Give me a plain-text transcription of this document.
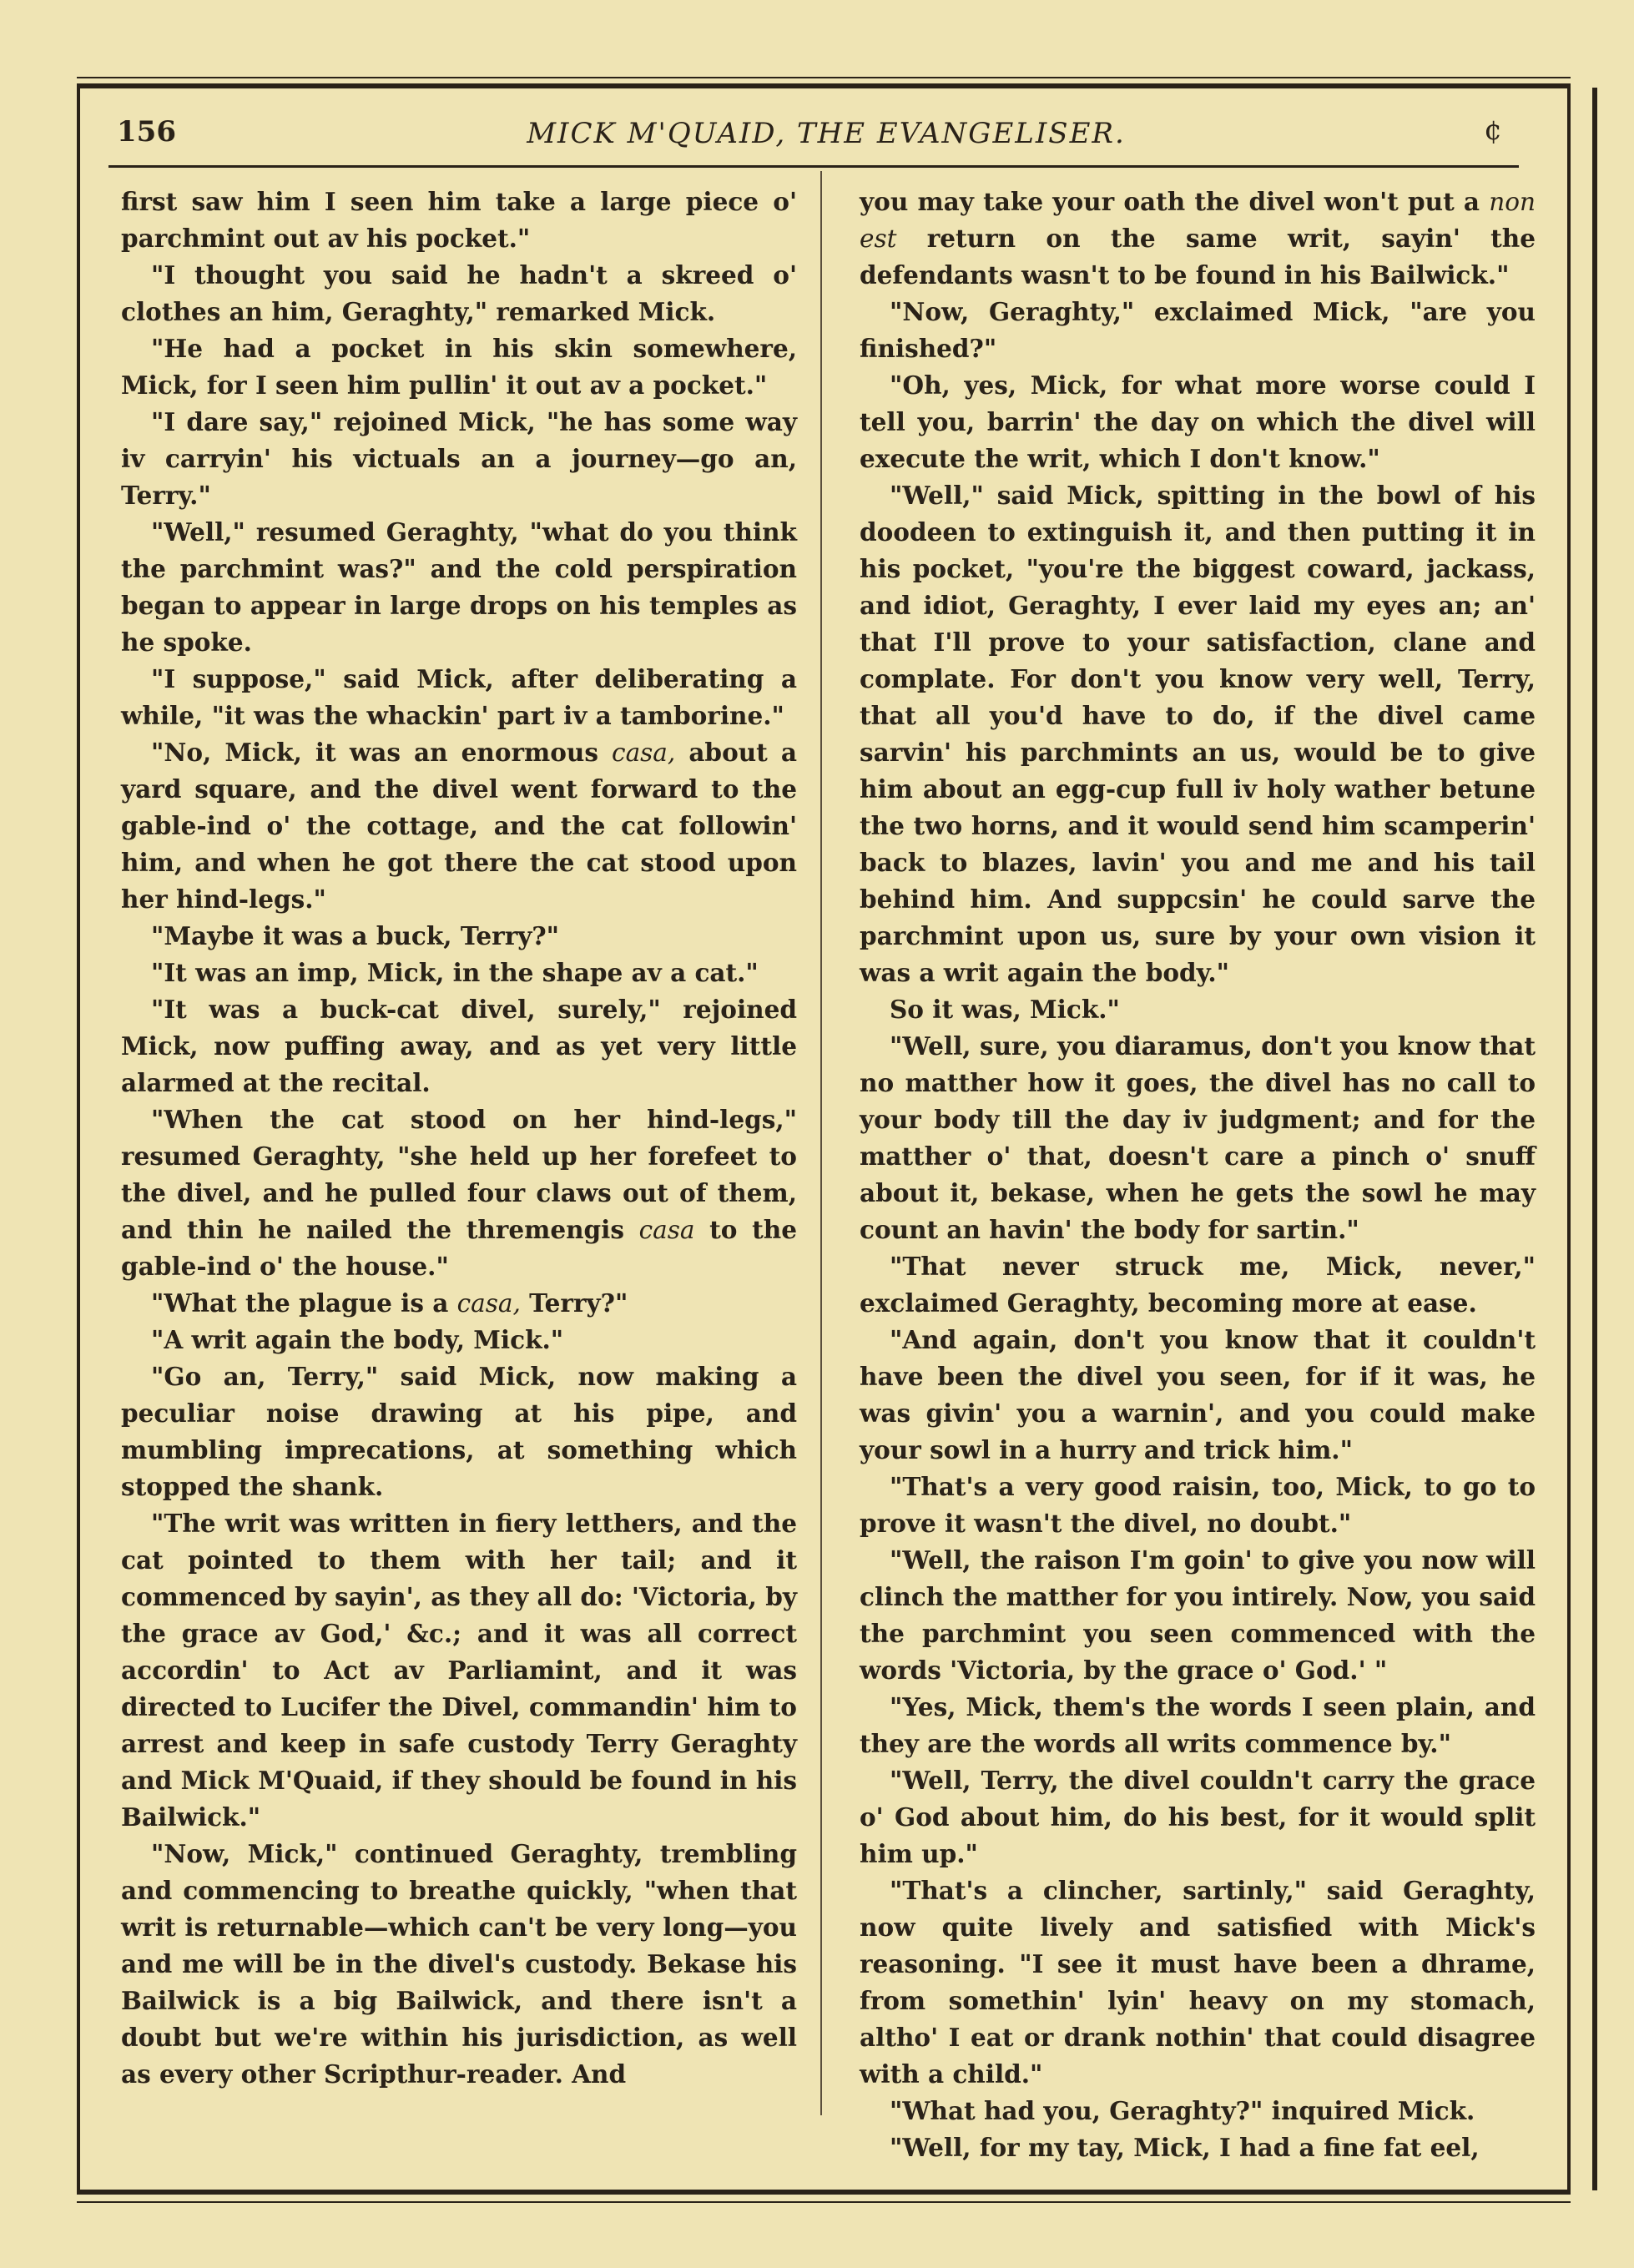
156	MICK M'QUAID, THE EVANGELISER.	¢

first saw him I seen him take a large piece o' parchmint out av his pocket."

"I thought you said he hadn't a skreed o' clothes an him, Geraghty," remarked Mick.

"He had a pocket in his skin somewhere, Mick, for I seen him pullin' it out av a pocket."

"I dare say," rejoined Mick, "he has some way iv carryin' his victuals an a journey—go an, Terry."

"Well," resumed Geraghty, "what do you think the parchmint was?" and the cold perspiration began to appear in large drops on his temples as he spoke.

"I suppose," said Mick, after deliberating a while, "it was the whackin' part iv a tamborine."

"No, Mick, it was an enormous casa, about a yard square, and the divel went forward to the gable-ind o' the cottage, and the cat followin' him, and when he got there the cat stood upon her hind-legs."

"Maybe it was a buck, Terry?"

"It was an imp, Mick, in the shape av a cat."

"It was a buck-cat divel, surely," rejoined Mick, now puffing away, and as yet very little alarmed at the recital.

"When the cat stood on her hind-legs," resumed Geraghty, "she held up her forefeet to the divel, and he pulled four claws out of them, and thin he nailed the thremengis casa to the gable-ind o' the house."

"What the plague is a casa, Terry?"

"A writ again the body, Mick."

"Go an, Terry," said Mick, now making a peculiar noise drawing at his pipe, and mumbling imprecations, at something which stopped the shank.

"The writ was written in fiery letthers, and the cat pointed to them with her tail; and it commenced by sayin', as they all do: 'Victoria, by the grace av God,' &c.; and it was all correct accordin' to Act av Parliamint, and it was directed to Lucifer the Divel, commandin' him to arrest and keep in safe custody Terry Geraghty and Mick M'Quaid, if they should be found in his Bailwick."

"Now, Mick," continued Geraghty, trembling and commencing to breathe quickly, "when that writ is returnable—which can't be very long—you and me will be in the divel's custody. Bekase his Bailwick is a big Bailwick, and there isn't a doubt but we're within his jurisdiction, as well as every other Scripthur-reader. And

you may take your oath the divel won't put a non est return on the same writ, sayin' the defendants wasn't to be found in his Bailwick."

"Now, Geraghty," exclaimed Mick, "are you finished?"

"Oh, yes, Mick, for what more worse could I tell you, barrin' the day on which the divel will execute the writ, which I don't know."

"Well," said Mick, spitting in the bowl of his doodeen to extinguish it, and then putting it in his pocket, "you're the biggest coward, jackass, and idiot, Geraghty, I ever laid my eyes an; an' that I'll prove to your satisfaction, clane and complate. For don't you know very well, Terry, that all you'd have to do, if the divel came sarvin' his parchmints an us, would be to give him about an egg-cup full iv holy wather betune the two horns, and it would send him scamperin' back to blazes, lavin' you and me and his tail behind him. And suppcsin' he could sarve the parchmint upon us, sure by your own vision it was a writ again the body."

So it was, Mick."

"Well, sure, you diaramus, don't you know that no matther how it goes, the divel has no call to your body till the day iv judgment; and for the matther o' that, doesn't care a pinch o' snuff about it, bekase, when he gets the sowl he may count an havin' the body for sartin."

"That never struck me, Mick, never," exclaimed Geraghty, becoming more at ease.

"And again, don't you know that it couldn't have been the divel you seen, for if it was, he was givin' you a warnin', and you could make your sowl in a hurry and trick him."

"That's a very good raisin, too, Mick, to go to prove it wasn't the divel, no doubt."

"Well, the raison I'm goin' to give you now will clinch the matther for you intirely. Now, you said the parchmint you seen commenced with the words 'Victoria, by the grace o' God.' "

"Yes, Mick, them's the words I seen plain, and they are the words all writs commence by."

"Well, Terry, the divel couldn't carry the grace o' God about him, do his best, for it would split him up."

"That's a clincher, sartinly," said Geraghty, now quite lively and satisfied with Mick's reasoning. "I see it must have been a dhrame, from somethin' lyin' heavy on my stomach, altho' I eat or drank nothin' that could disagree with a child."

"What had you, Geraghty?" inquired Mick.

"Well, for my tay, Mick, I had a fine fat eel,
